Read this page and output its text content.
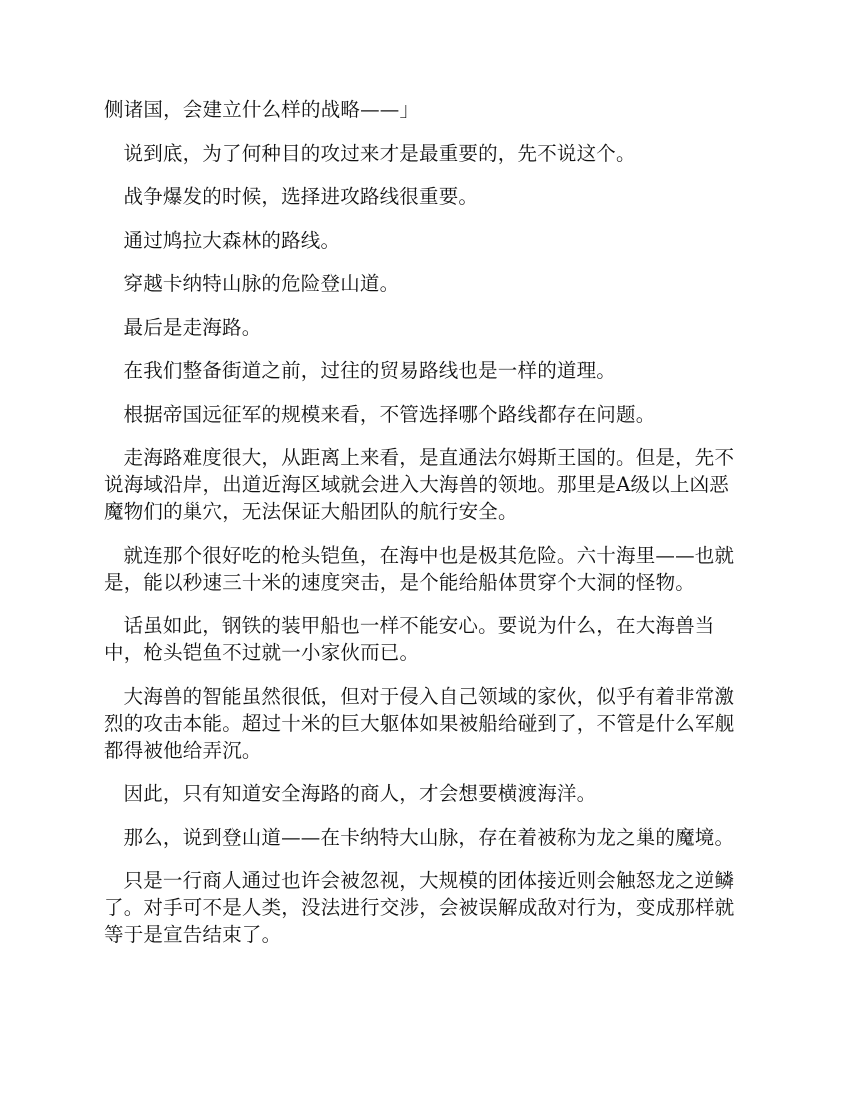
侧诸国，会建立什么样的战略——」

说到底，为了何种目的攻过来才是最重要的，先不说这个。

战争爆发的时候，选择进攻路线很重要。

通过鸠拉大森林的路线。

穿越卡纳特山脉的危险登山道。

最后是走海路。

在我们整备街道之前，过往的贸易路线也是一样的道理。

根据帝国远征军的规模来看，不管选择哪个路线都存在问题。

走海路难度很大，从距离上来看，是直通法尔姆斯王国的。但是，先不说海域沿岸，出道近海区域就会进入大海兽的领地。那里是A级以上凶恶魔物们的巢穴，无法保证大船团队的航行安全。

就连那个很好吃的枪头铠鱼，在海中也是极其危险。六十海里——也就是，能以秒速三十米的速度突击，是个能给船体贯穿个大洞的怪物。

话虽如此，钢铁的装甲船也一样不能安心。要说为什么，在大海兽当中，枪头铠鱼不过就一小家伙而已。

大海兽的智能虽然很低，但对于侵入自己领域的家伙，似乎有着非常激烈的攻击本能。超过十米的巨大躯体如果被船给碰到了，不管是什么军舰都得被他给弄沉。

因此，只有知道安全海路的商人，才会想要横渡海洋。

那么，说到登山道——在卡纳特大山脉，存在着被称为龙之巢的魔境。

只是一行商人通过也许会被忽视，大规模的团体接近则会触怒龙之逆鳞了。对手可不是人类，没法进行交涉，会被误解成敌对行为，变成那样就等于是宣告结束了。
